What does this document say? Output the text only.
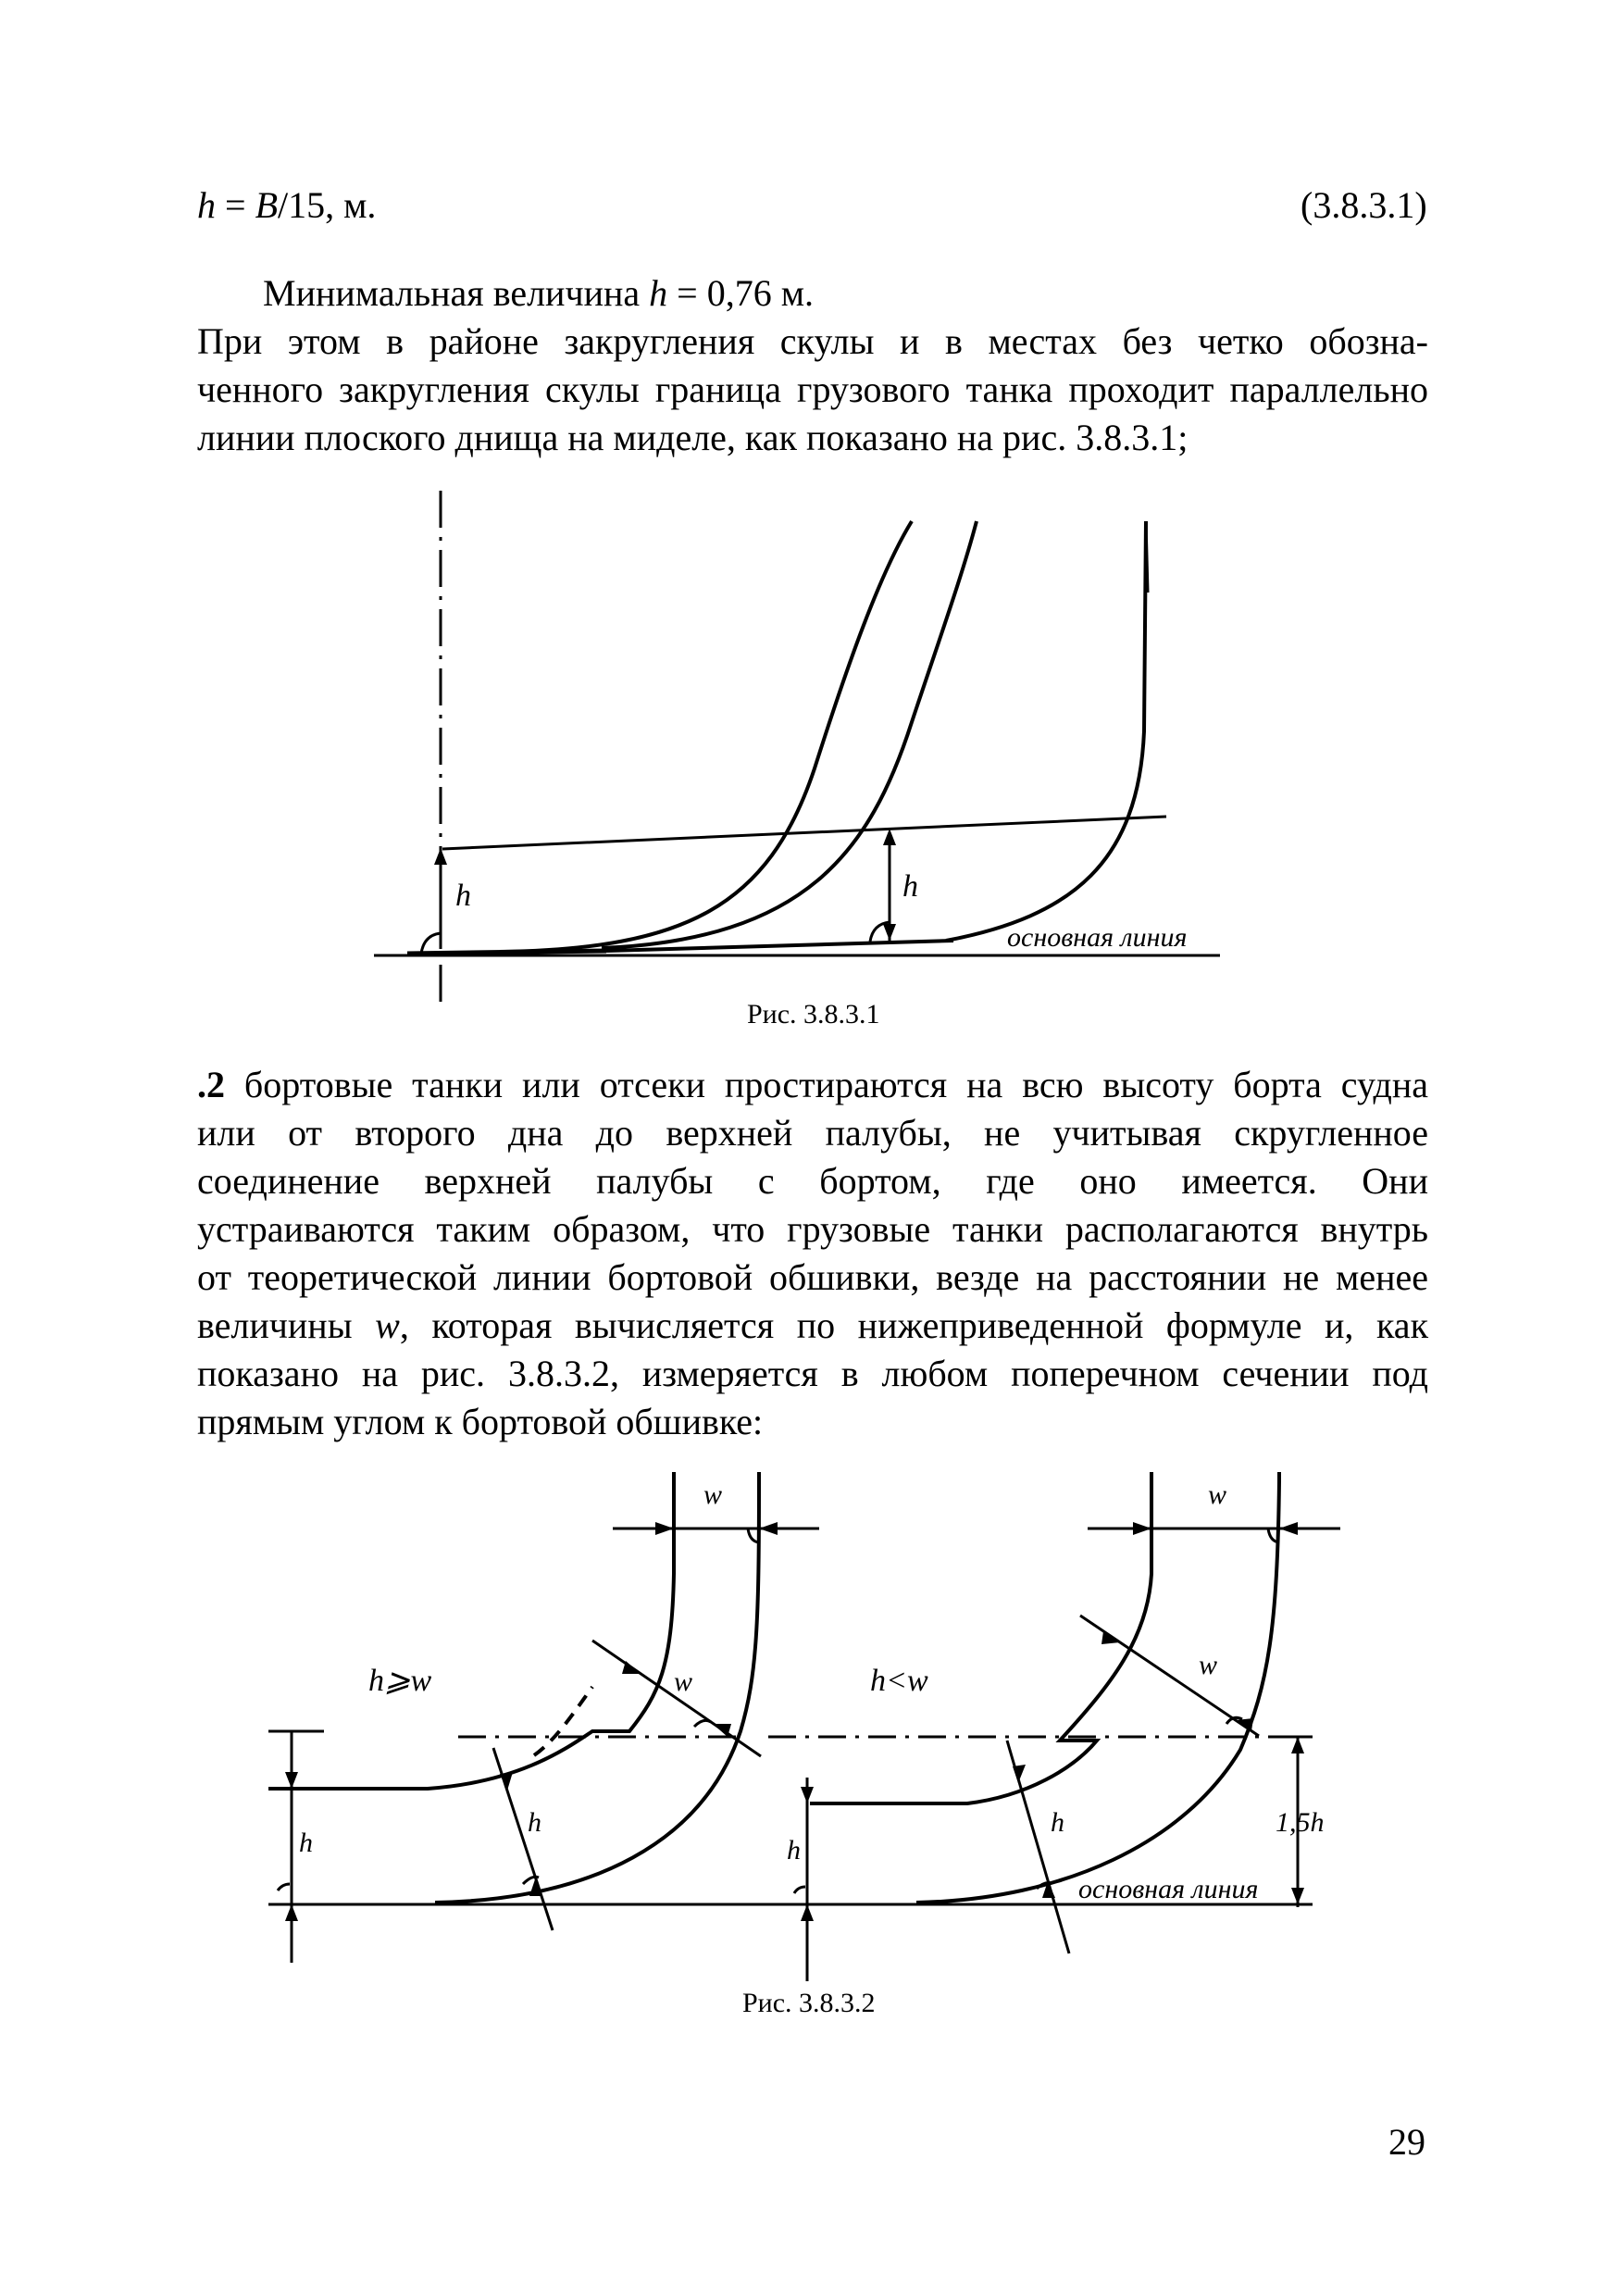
h = B/15, м.	(3.8.3.1)
Минимальная величина h = 0,76 м.
При этом в районе закругления скулы и в местах без четко обозна-
ченного закругления скулы граница грузового танка проходит параллельно
линии плоского днища на миделе, как показано на рис. 3.8.3.1;
h	h
основная линия
Рис. 3.8.3.1
.2 бортовые танки или отсеки простираются на всю высоту борта судна
или от второго дна до верхней палубы, не учитывая скругленное
соединение верхней палубы с бортом, где оно имеется. Они
устраиваются таким образом, что грузовые танки располагаются внутрь
от теоретической линии бортовой обшивки, везде на расстоянии не менее
величины w, которая вычисляется по нижеприведенной формуле и, как
показано на рис. 3.8.3.2, измеряется в любом поперечном сечении под
прямым углом к бортовой обшивке:
w
h⩾w	w
h
h
w
h<w	w
h
h
1,5h
основная линия
Рис. 3.8.3.2
29
